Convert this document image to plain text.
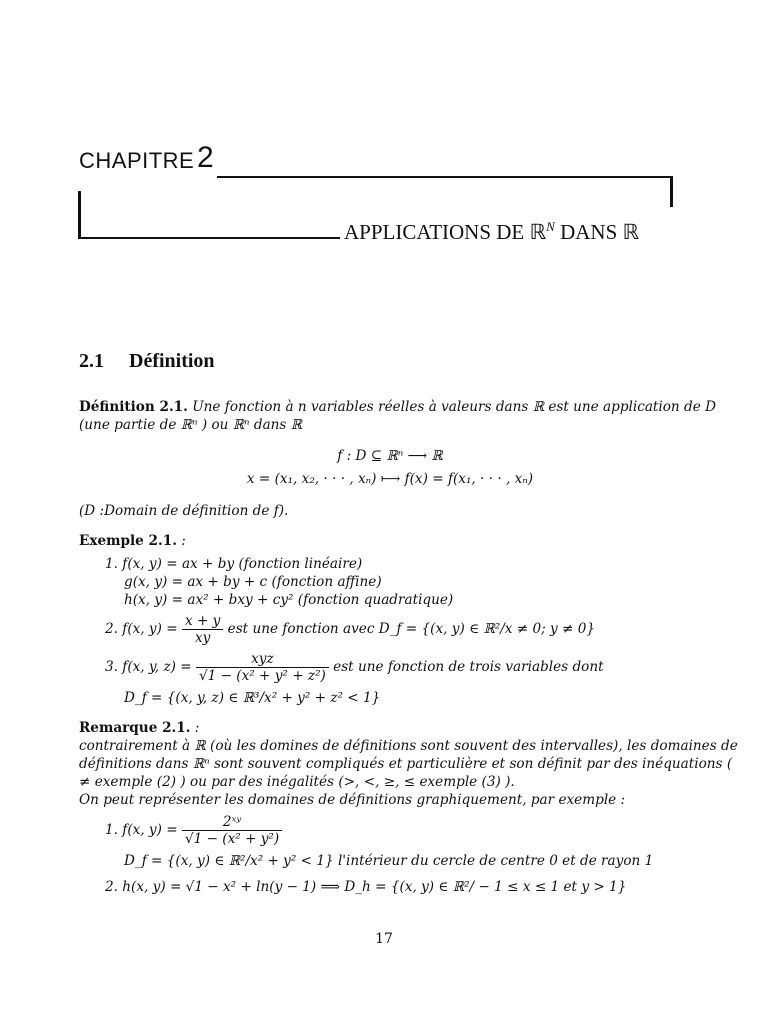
CHAPITRE 2
APPLICATIONS DE ℝ$^N$ DANS ℝ
2.1 Définition
Définition 2.1. Une fonction à n variables réelles à valeurs dans ℝ est une application de D
(une partie de ℝⁿ ) ou ℝⁿ dans ℝ
f : D ⊆ ℝⁿ ⟶ ℝ
x = (x₁, x₂, · · · , xₙ) ⟼ f(x) = f(x₁, · · · , xₙ)
(D :Domain de définition de f).
Exemple 2.1. :
1. f(x, y) = ax + by (fonction linéaire)
g(x, y) = ax + by + c (fonction affine)
h(x, y) = ax² + bxy + cy² (fonction quadratique)
2. f(x, $y) = \frac{x + y}{xy}$ est une fonction avec D_f = {(x, y) ∈ ℝ²/x ≠ 0; y ≠ 0}
3. f(x, y, $z) = \frac{\text{xyz}}{\text{√1 − (x² + y² + z²)}}$ est une fonction de trois variables dont
D_f = {(x, y, z) ∈ ℝ³/x² + y² + z² < 1}
Remarque 2.1. :
contrairement à ℝ (où les domines de définitions sont souvent des intervalles), les domaines de
définitions dans ℝⁿ sont souvent compliqués et particulière et son définit par des inéquations (
≠ exemple (2) ) ou par des inégalités (>, <, ≥, ≤ exemple (3) ).
On peut représenter les domaines de définitions graphiquement, par exemple :
1. f(x, $y) = \frac{\text{2ˣʸ}}{\text{√1 − (x² + y²)}}$
D_f = {(x, y) ∈ ℝ²/x² + y² < 1} l'intérieur du cercle de centre 0 et de rayon 1
2. h(x, y) = √1 − x² + ln(y − 1) ⟹ D_h = {(x, y) ∈ ℝ²/ − 1 ≤ x ≤ 1 et y > 1}
17
